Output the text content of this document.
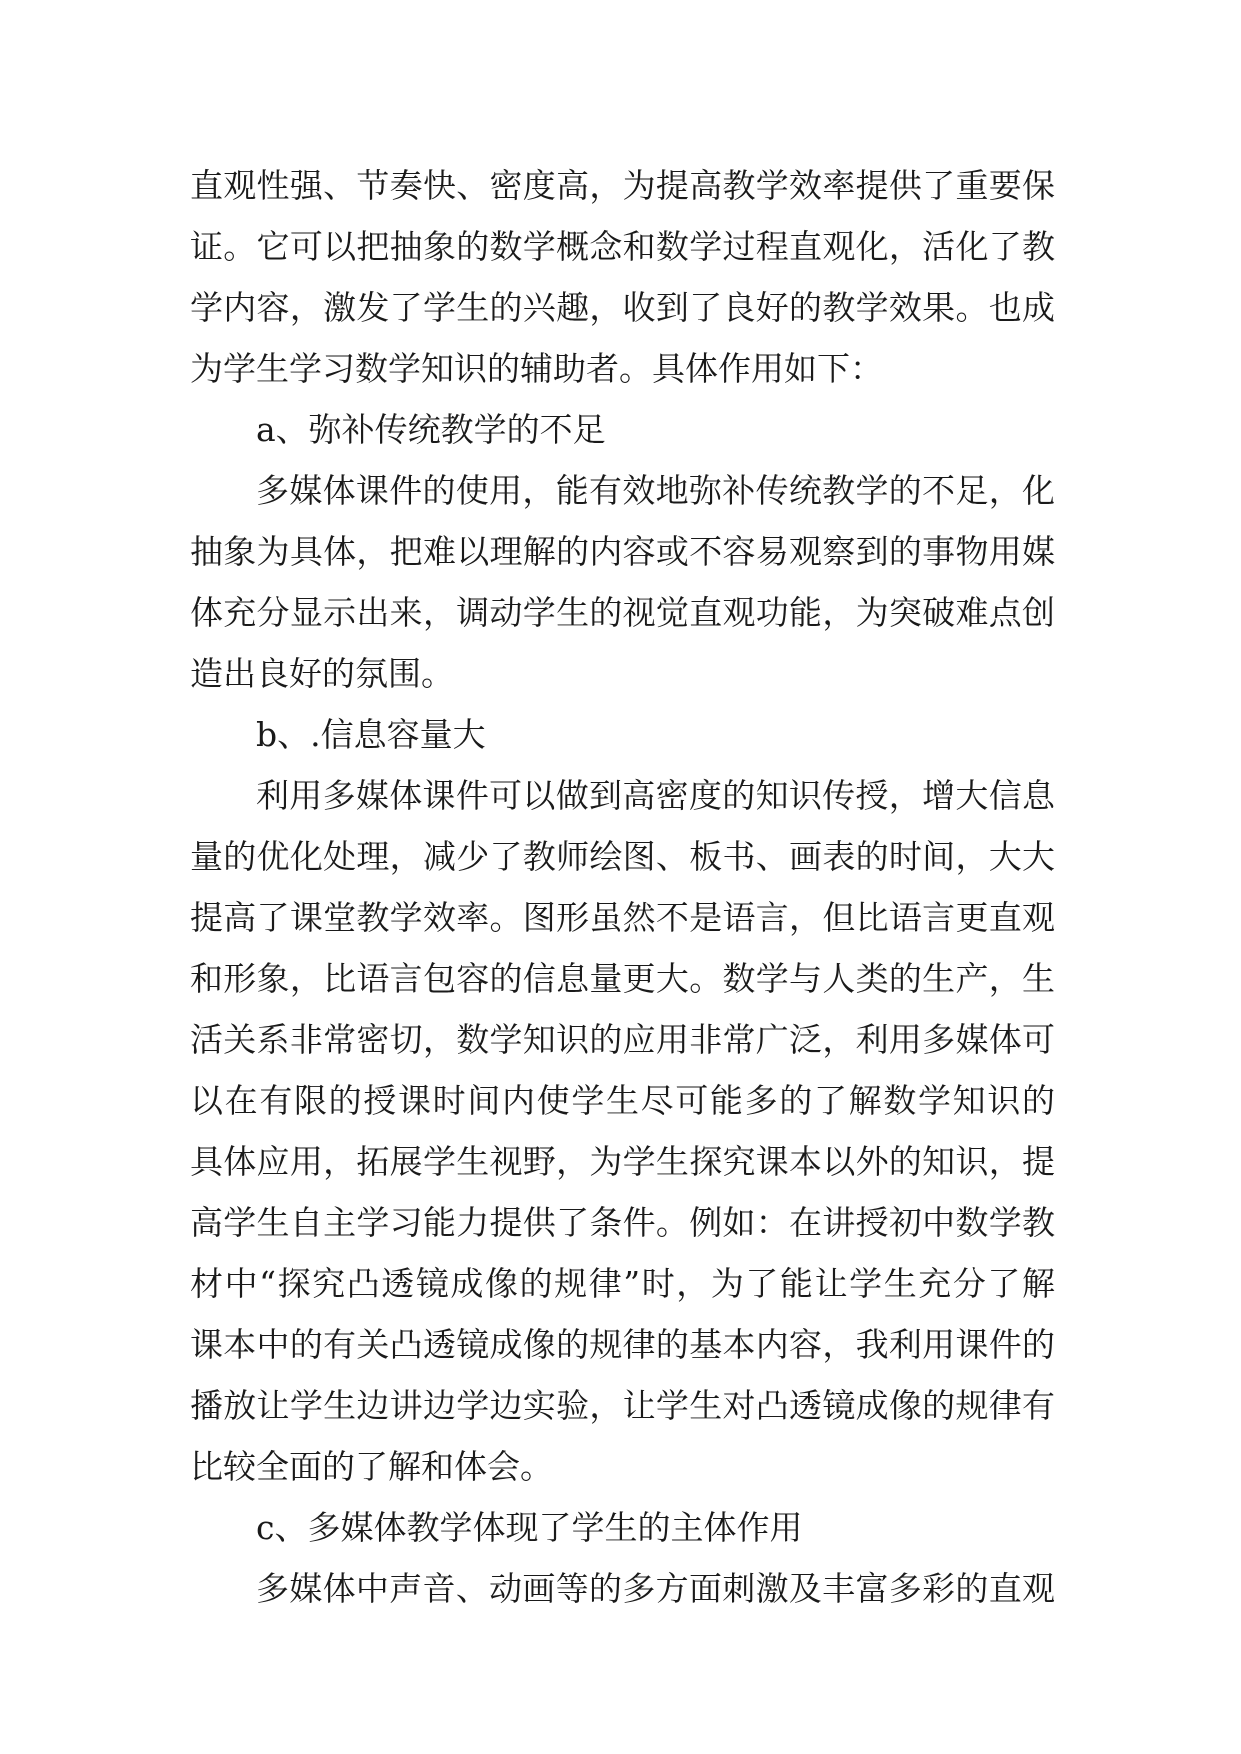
直观性强、节奏快、密度高，为提高教学效率提供了重要保
证。它可以把抽象的数学概念和数学过程直观化，活化了教
学内容，激发了学生的兴趣，收到了良好的教学效果。也成
为学生学习数学知识的辅助者。具体作用如下：
a、弥补传统教学的不足
多媒体课件的使用，能有效地弥补传统教学的不足，化
抽象为具体，把难以理解的内容或不容易观察到的事物用媒
体充分显示出来，调动学生的视觉直观功能，为突破难点创
造出良好的氛围。
b、.信息容量大
利用多媒体课件可以做到高密度的知识传授，增大信息
量的优化处理，减少了教师绘图、板书、画表的时间，大大
提高了课堂教学效率。图形虽然不是语言，但比语言更直观
和形象，比语言包容的信息量更大。数学与人类的生产，生
活关系非常密切，数学知识的应用非常广泛，利用多媒体可
以在有限的授课时间内使学生尽可能多的了解数学知识的
具体应用，拓展学生视野，为学生探究课本以外的知识，提
高学生自主学习能力提供了条件。例如：在讲授初中数学教
材中“探究凸透镜成像的规律”时，为了能让学生充分了解
课本中的有关凸透镜成像的规律的基本内容，我利用课件的
播放让学生边讲边学边实验，让学生对凸透镜成像的规律有
比较全面的了解和体会。
c、多媒体教学体现了学生的主体作用
多媒体中声音、动画等的多方面刺激及丰富多彩的直观
